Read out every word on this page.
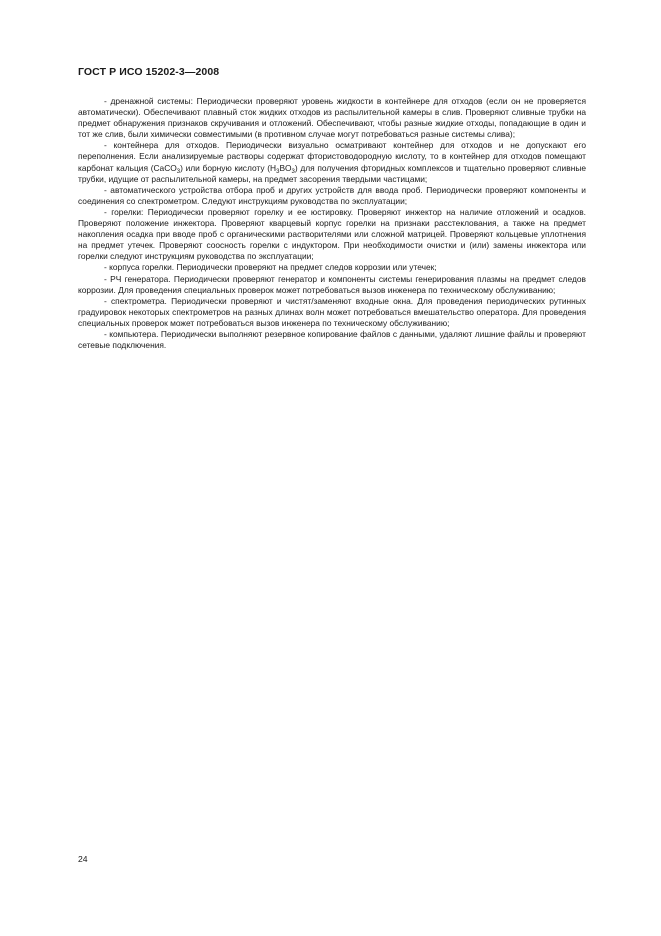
ГОСТ Р ИСО 15202-3—2008

- дренажной системы: Периодически проверяют уровень жидкости в контейнере для отходов (если он не проверяется автоматически). Обеспечивают плавный сток жидких отходов из распылительной камеры в слив. Проверяют сливные трубки на предмет обнаружения признаков скручивания и отложений. Обеспечивают, чтобы разные жидкие отходы, попадающие в один и тот же слив, были химически совместимыми (в противном случае могут потребоваться разные системы слива);

- контейнера для отходов. Периодически визуально осматривают контейнер для отходов и не допускают его переполнения. Если анализируемые растворы содержат фтористоводородную кислоту, то в контейнер для отходов помещают карбонат кальция (CaCO$_3$) или борную кислоту $(H_3BO_3)$ для получения фторидных комплексов и тщательно проверяют сливные трубки, идущие от распылительной камеры, на предмет засорения твердыми частицами;

- автоматического устройства отбора проб и других устройств для ввода проб. Периодически проверяют компоненты и соединения со спектрометром. Следуют инструкциям руководства по эксплуатации;

- горелки: Периодически проверяют горелку и ее юстировку. Проверяют инжектор на наличие отложений и осадков. Проверяют положение инжектора. Проверяют кварцевый корпус горелки на признаки расстеклования, а также на предмет накопления осадка при вводе проб с органическими растворителями или сложной матрицей. Проверяют кольцевые уплотнения на предмет утечек. Проверяют соосность горелки с индуктором. При необходимости очистки и (или) замены инжектора или горелки следуют инструкциям руководства по эксплуатации;

- корпуса горелки. Периодически проверяют на предмет следов коррозии или утечек;

- РЧ генератора. Периодически проверяют генератор и компоненты системы генерирования плазмы на предмет следов коррозии. Для проведения специальных проверок может потребоваться вызов инженера по техническому обслуживанию;

- спектрометра. Периодически проверяют и чистят/заменяют входные окна. Для проведения периодических рутинных градуировок некоторых спектрометров на разных длинах волн может потребоваться вмешательство оператора. Для проведения специальных проверок может потребоваться вызов инженера по техническому обслуживанию;

- компьютера. Периодически выполняют резервное копирование файлов с данными, удаляют лишние файлы и проверяют сетевые подключения.

24
